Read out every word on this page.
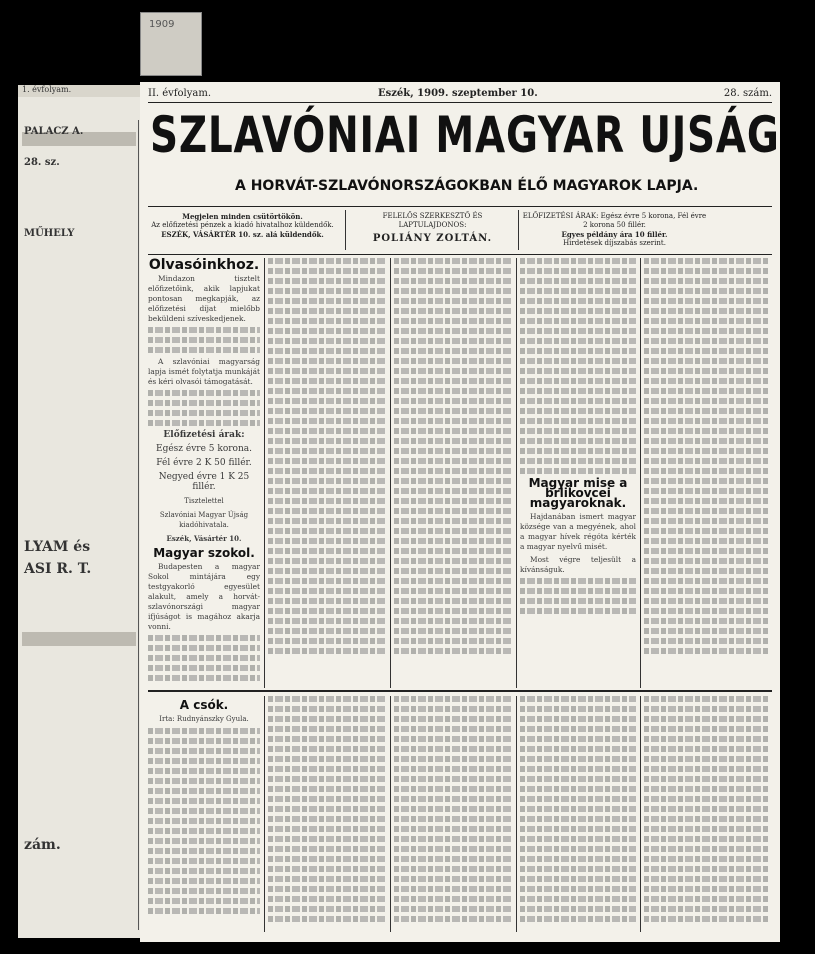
1. évfolyam.
PALACZ A.
28. sz.
MŰHELY
LYAM és
ASI R. T.
zám.
1909
II. évfolyam.	Eszék, 1909. szeptember 10.	28. szám.
SZLAVÓNIAI MAGYAR UJSÁG
A HORVÁT-SZLAVÓNORSZÁGOKBAN ÉLŐ MAGYAROK LAPJA.
Megjelen minden csütörtökön.
Az előfizetési pénzek a kiadó hivatalhoz küldendők.
ESZÉK, VÁSÁRTÉR 10. sz. alá küldendők.
FELELŐS SZERKESZTŐ ÉS LAPTULAJDONOS:
POLIÁNY ZOLTÁN.
ELŐFIZETÉSI ÁRAK: Egész évre 5 korona, Fél évre 2 korona 50 fillér.
Egyes példány ára 10 fillér.
Hirdetések díjszabás szerint.
Olvasóinkhoz.

Mindazon tisztelt előfizetőink, akik lapjukat pontosan megkapják, az előfizetési díjat mielőbb beküldeni szíveskedjenek.

A szlavóniai magyarság lapja ismét folytatja munkáját és kéri olvasói támogatását.

Előfizetési árak:
Egész évre 5 korona.
Fél évre 2 K 50 fillér.
Negyed évre 1 K 25 fillér.
Tisztelettel
Szlavóniai Magyar Újság kiadóhivatala.
Eszék, Vásártér 10.
Magyar szokol.

Budapesten a magyar Sokol mintájára egy testgyakorló egyesület alakult, amely a horvát-szlavónországi magyar ifjúságot is magához akarja vonni.

Magyar mise a brlikovcei magyaroknak.

Hajdanában ismert magyar községe van a megyének, ahol a magyar hívek régóta kérték a magyar nyelvű misét.

Most végre teljesült a kívánságuk.

A csók.
Irta: Rudnyánszky Gyula.
